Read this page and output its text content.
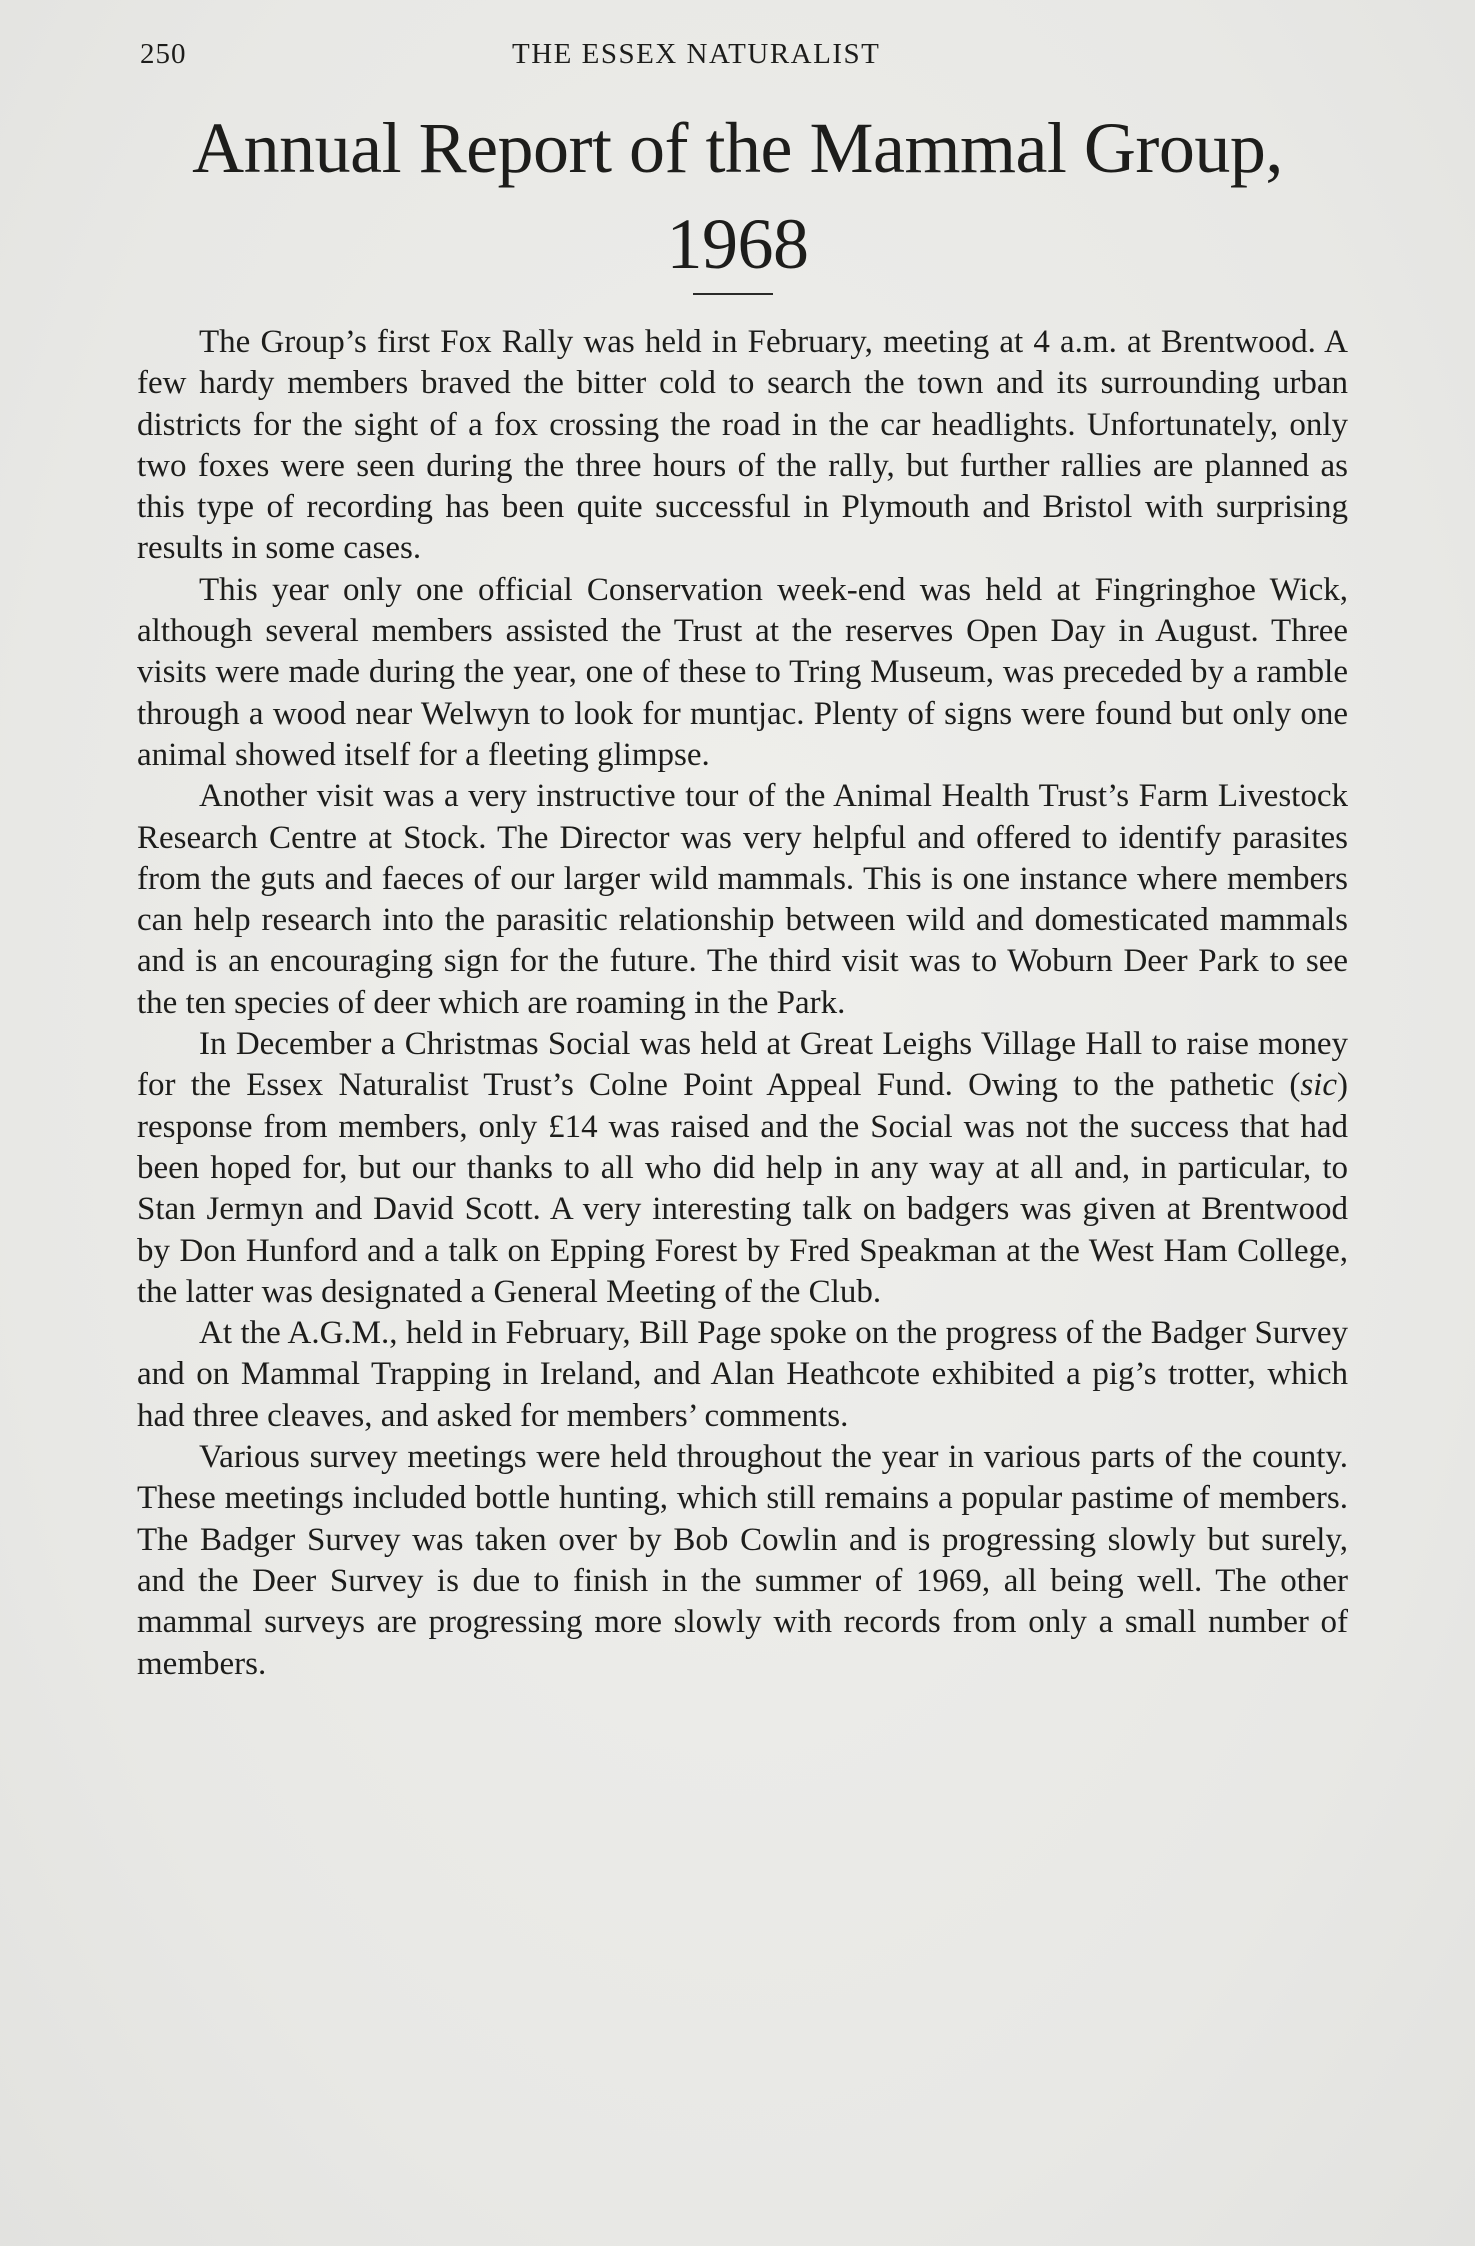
250	THE ESSEX NATURALIST
Annual Report of the Mammal Group,
1968

The Group’s first Fox Rally was held in February, meeting at 4 a.m. at Brentwood. A few hardy members braved the bitter cold to search the town and its surrounding urban districts for the sight of a fox crossing the road in the car headlights. Unfortunately, only two foxes were seen during the three hours of the rally, but further rallies are planned as this type of recording has been quite successful in Plymouth and Bristol with surprising results in some cases.

This year only one official Conservation week-end was held at Fingringhoe Wick, although several members assisted the Trust at the reserves Open Day in August. Three visits were made during the year, one of these to Tring Museum, was preceded by a ramble through a wood near Welwyn to look for muntjac. Plenty of signs were found but only one animal showed itself for a fleeting glimpse.

Another visit was a very instructive tour of the Animal Health Trust’s Farm Livestock Research Centre at Stock. The Director was very helpful and offered to identify parasites from the guts and faeces of our larger wild mammals. This is one instance where members can help research into the parasitic relationship between wild and domesticated mammals and is an encouraging sign for the future. The third visit was to Woburn Deer Park to see the ten species of deer which are roaming in the Park.

In December a Christmas Social was held at Great Leighs Village Hall to raise money for the Essex Naturalist Trust’s Colne Point Appeal Fund. Owing to the pathetic (sic) response from members, only £14 was raised and the Social was not the success that had been hoped for, but our thanks to all who did help in any way at all and, in particular, to Stan Jermyn and David Scott. A very interesting talk on badgers was given at Brentwood by Don Hunford and a talk on Epping Forest by Fred Speakman at the West Ham College, the latter was designated a General Meeting of the Club.

At the A.G.M., held in February, Bill Page spoke on the progress of the Badger Survey and on Mammal Trapping in Ireland, and Alan Heathcote exhibited a pig’s trotter, which had three cleaves, and asked for members’ comments.

Various survey meetings were held throughout the year in various parts of the county. These meetings included bottle hunting, which still remains a popular pastime of members. The Badger Survey was taken over by Bob Cowlin and is progressing slowly but surely, and the Deer Survey is due to finish in the summer of 1969, all being well. The other mammal surveys are progressing more slowly with records from only a small number of members.
